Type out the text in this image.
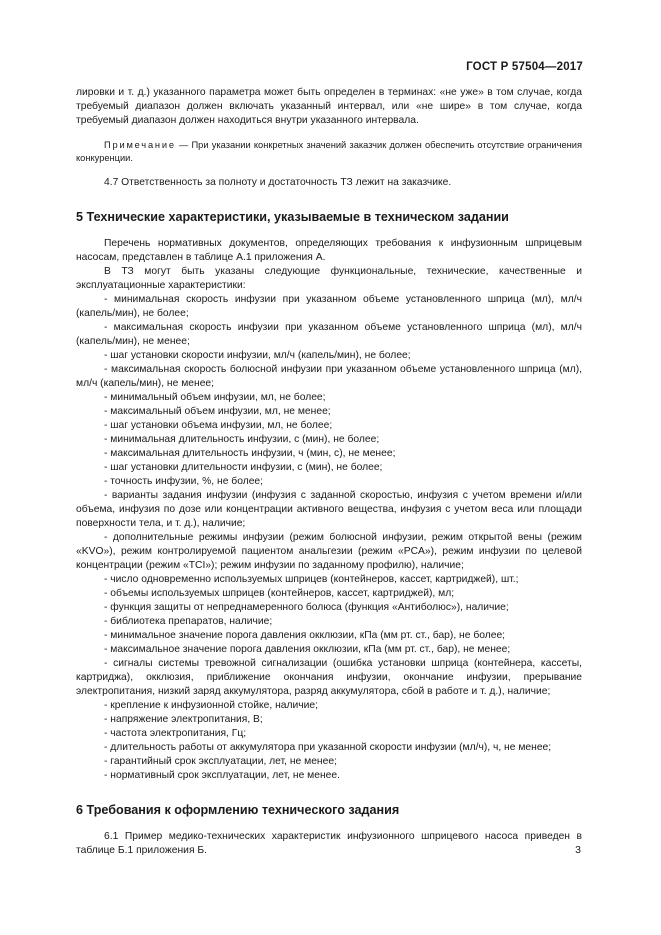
ГОСТ Р 57504—2017

лировки и т. д.) указанного параметра может быть определен в терминах: «не уже» в том случае, когда требуемый диапазон должен включать указанный интервал, или «не шире» в том случае, когда требуемый диапазон должен находиться внутри указанного интервала.

Примечание — При указании конкретных значений заказчик должен обеспечить отсутствие ограничения конкуренции.

4.7 Ответственность за полноту и достаточность ТЗ лежит на заказчике.

5 Технические характеристики, указываемые в техническом задании

Перечень нормативных документов, определяющих требования к инфузионным шприцевым насосам, представлен в таблице А.1 приложения А.

В ТЗ могут быть указаны следующие функциональные, технические, качественные и эксплуатационные характеристики:

- минимальная скорость инфузии при указанном объеме установленного шприца (мл), мл/ч (капель/мин), не более;

- максимальная скорость инфузии при указанном объеме установленного шприца (мл), мл/ч (капель/мин), не менее;

- шаг установки скорости инфузии, мл/ч (капель/мин), не более;

- максимальная скорость болюсной инфузии при указанном объеме установленного шприца (мл), мл/ч (капель/мин), не менее;

- минимальный объем инфузии, мл, не более;

- максимальный объем инфузии, мл, не менее;

- шаг установки объема инфузии, мл, не более;

- минимальная длительность инфузии, с (мин), не более;

- максимальная длительность инфузии, ч (мин, с), не менее;

- шаг установки длительности инфузии, с (мин), не более;

- точность инфузии, %, не более;

- варианты задания инфузии (инфузия с заданной скоростью, инфузия с учетом времени и/или объема, инфузия по дозе или концентрации активного вещества, инфузия с учетом веса или площади поверхности тела, и т. д.), наличие;

- дополнительные режимы инфузии (режим болюсной инфузии, режим открытой вены (режим «KVO»), режим контролируемой пациентом анальгезии (режим «PCA»), режим инфузии по целевой концентрации (режим «TCI»); режим инфузии по заданному профилю), наличие;

- число одновременно используемых шприцев (контейнеров, кассет, картриджей), шт.;

- объемы используемых шприцев (контейнеров, кассет, картриджей), мл;

- функция защиты от непреднамеренного болюса (функция «Антиболюс»), наличие;

- библиотека препаратов, наличие;

- минимальное значение порога давления окклюзии, кПа (мм рт. ст., бар), не более;

- максимальное значение порога давления окклюзии, кПа (мм рт. ст., бар), не менее;

- сигналы системы тревожной сигнализации (ошибка установки шприца (контейнера, кассеты, картриджа), окклюзия, приближение окончания инфузии, окончание инфузии, прерывание электропитания, низкий заряд аккумулятора, разряд аккумулятора, сбой в работе и т. д.), наличие;

- крепление к инфузионной стойке, наличие;

- напряжение электропитания, В;

- частота электропитания, Гц;

- длительность работы от аккумулятора при указанной скорости инфузии (мл/ч), ч, не менее;

- гарантийный срок эксплуатации, лет, не менее;

- нормативный срок эксплуатации, лет, не менее.

6 Требования к оформлению технического задания

6.1 Пример медико-технических характеристик инфузионного шприцевого насоса приведен в таблице Б.1 приложения Б.	3
